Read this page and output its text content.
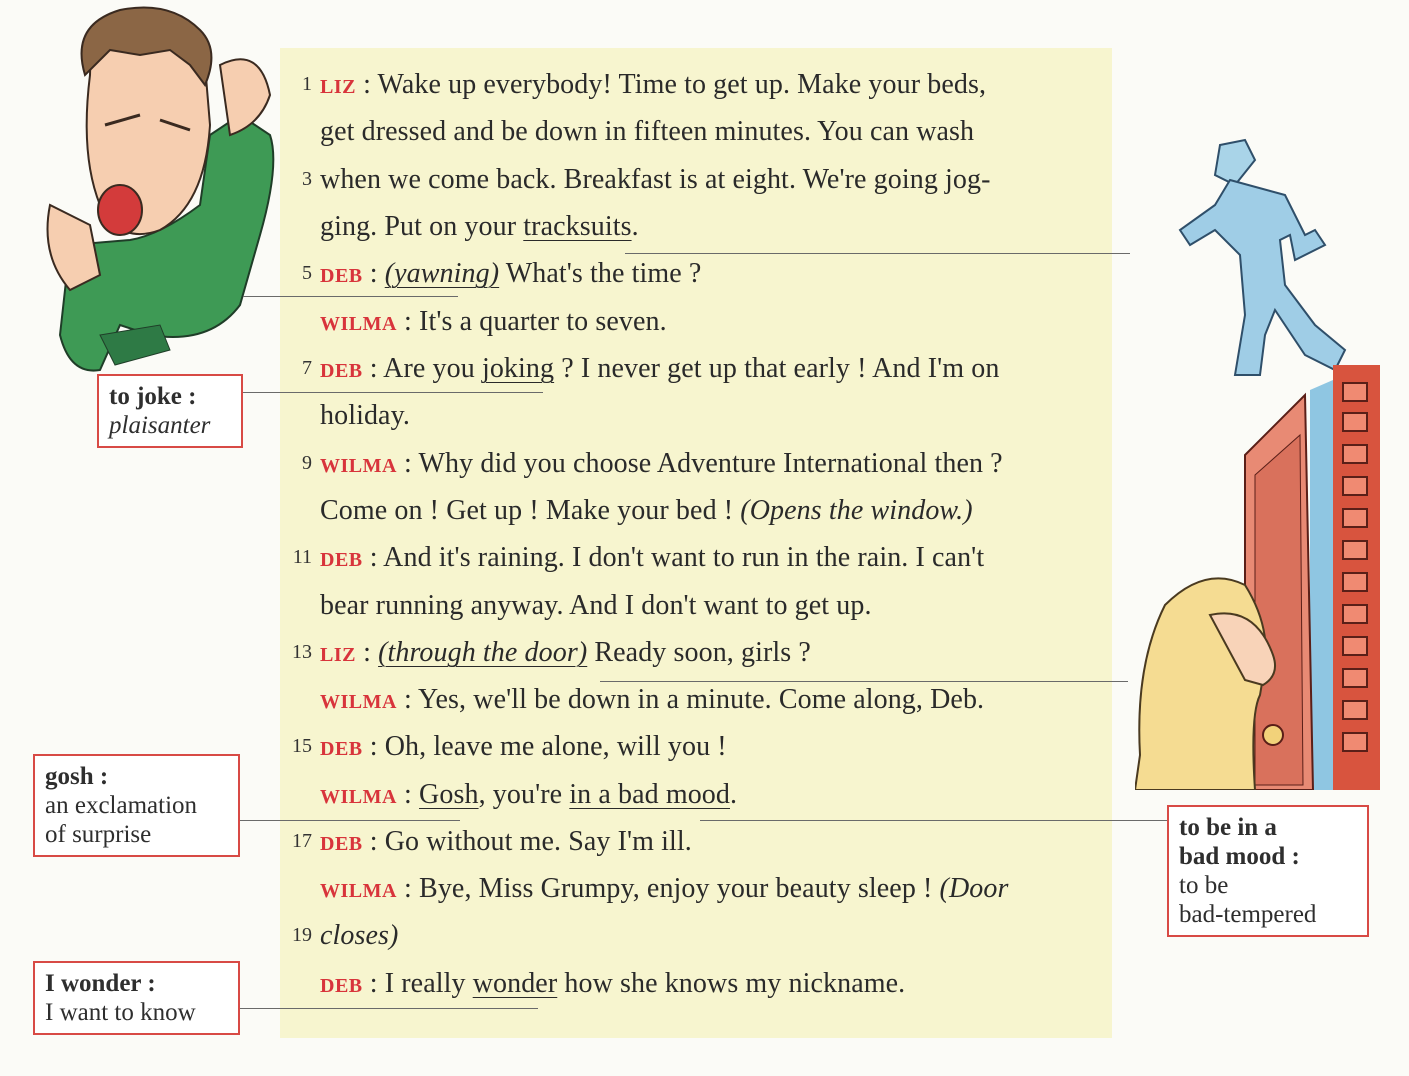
1
3
5
7
9
11
13
15
17
19
LIZ : Wake up everybody! Time to get up. Make your beds,
get dressed and be down in fifteen minutes. You can wash
when we come back. Breakfast is at eight. We're going jog-
ging. Put on your tracksuits.
DEB : (yawning) What's the time ?
WILMA : It's a quarter to seven.
DEB : Are you joking ? I never get up that early ! And I'm on
holiday.
WILMA : Why did you choose Adventure International then ?
Come on ! Get up ! Make your bed ! (Opens the window.)
DEB : And it's raining. I don't want to run in the rain. I can't
bear running anyway. And I don't want to get up.
LIZ : (through the door) Ready soon, girls ?
WILMA : Yes, we'll be down in a minute. Come along, Deb.
DEB : Oh, leave me alone, will you !
WILMA : Gosh, you're in a bad mood.
DEB : Go without me. Say I'm ill.
WILMA : Bye, Miss Grumpy, enjoy your beauty sleep ! (Door
closes)
DEB : I really wonder how she knows my nickname.
to joke :
plaisanter
gosh :
an exclamation
of surprise
I wonder :
I want to know
to be in a
bad mood :
to be
bad-tempered
